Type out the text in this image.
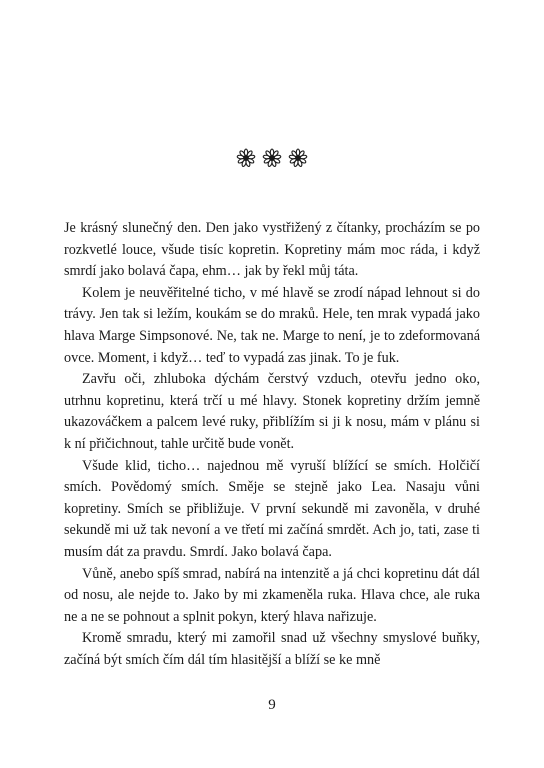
Je krásný slunečný den. Den jako vystřižený z čítanky, procházím se po rozkvetlé louce, všude tisíc kopretin. Kopretiny mám moc ráda, i když smrdí jako bolavá čapa, ehm… jak by řekl můj táta.

Kolem je neuvěřitelné ticho, v mé hlavě se zrodí nápad lehnout si do trávy. Jen tak si ležím, koukám se do mraků. Hele, ten mrak vypadá jako hlava Marge Simpsonové. Ne, tak ne. Marge to není, je to zdeformovaná ovce. Moment, i když… teď to vypadá zas jinak. To je fuk.

Zavřu oči, zhluboka dýchám čerstvý vzduch, otevřu jedno oko, utrhnu kopretinu, která trčí u mé hlavy. Stonek kopretiny držím jemně ukazováčkem a palcem levé ruky, přiblížím si ji k nosu, mám v plánu si k ní přičichnout, tahle určitě bude vonět.

Všude klid, ticho… najednou mě vyruší blížící se smích. Holčičí smích. Povědomý smích. Směje se stejně jako Lea. Nasaju vůni kopretiny. Smích se přibližuje. V první sekundě mi zavoněla, v druhé sekundě mi už tak nevoní a ve třetí mi začíná smrdět. Ach jo, tati, zase ti musím dát za pravdu. Smrdí. Jako bolavá čapa.

Vůně, anebo spíš smrad, nabírá na intenzitě a já chci kopretinu dát dál od nosu, ale nejde to. Jako by mi zkameněla ruka. Hlava chce, ale ruka ne a ne se pohnout a splnit pokyn, který hlava nařizuje.

Kromě smradu, který mi zamořil snad už všechny smyslové buňky, začíná být smích čím dál tím hlasitější a blíží se ke mně

9
